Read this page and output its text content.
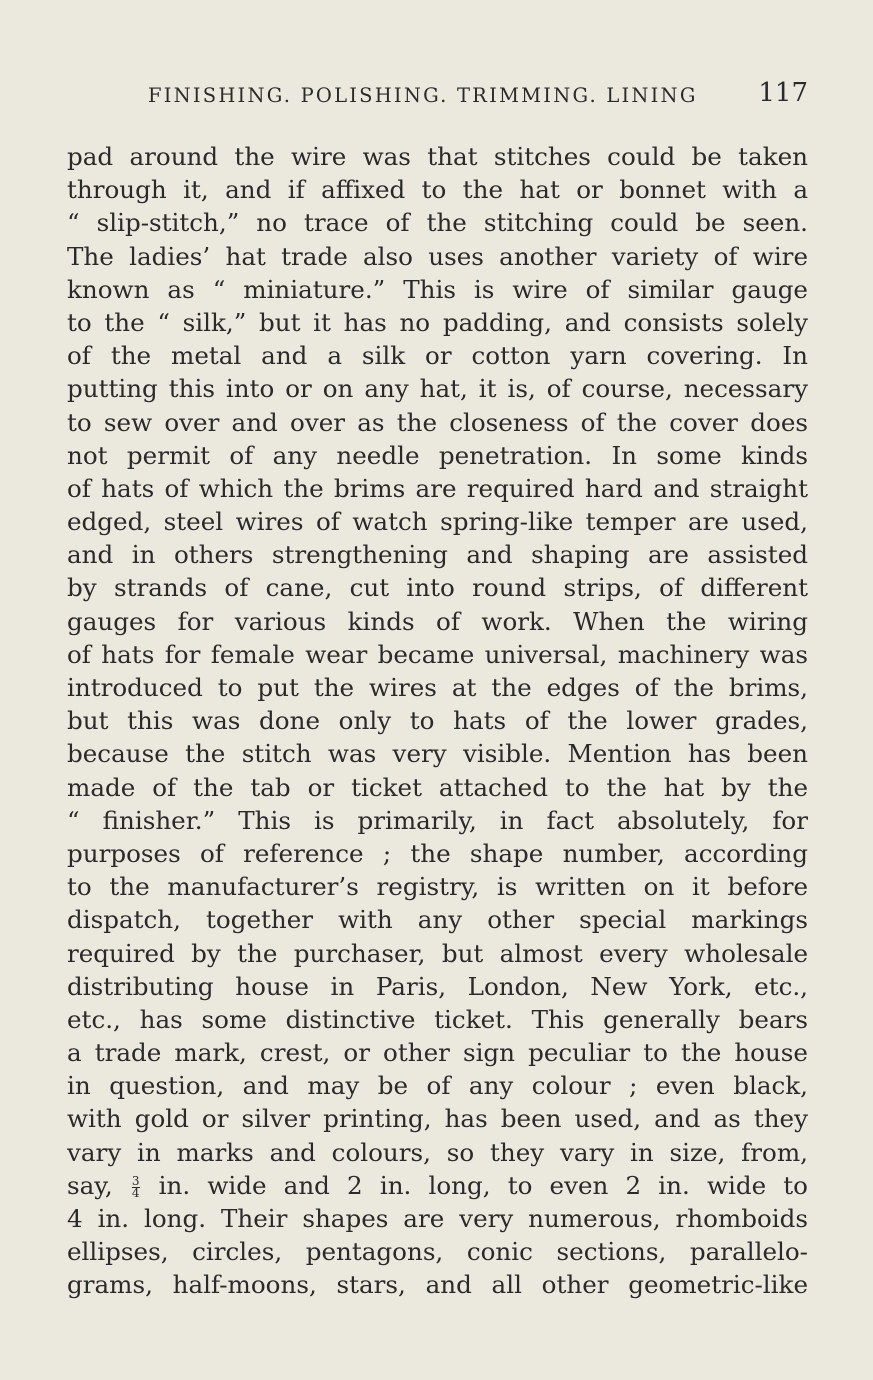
FINISHING. POLISHING. TRIMMING. LINING 117
pad around the wire was that stitches could be taken
through it, and if affixed to the hat or bonnet with a
“ slip-stitch,” no trace of the stitching could be seen.
The ladies’ hat trade also uses another variety of wire
known as “ miniature.” This is wire of similar gauge
to the “ silk,” but it has no padding, and consists solely
of the metal and a silk or cotton yarn covering. In
putting this into or on any hat, it is, of course, necessary
to sew over and over as the closeness of the cover does
not permit of any needle penetration. In some kinds
of hats of which the brims are required hard and straight
edged, steel wires of watch spring-like temper are used,
and in others strengthening and shaping are assisted
by strands of cane, cut into round strips, of different
gauges for various kinds of work. When the wiring
of hats for female wear became universal, machinery was
introduced to put the wires at the edges of the brims,
but this was done only to hats of the lower grades,
because the stitch was very visible. Mention has been
made of the tab or ticket attached to the hat by the
“ finisher.” This is primarily, in fact absolutely, for
purposes of reference ; the shape number, according
to the manufacturer’s registry, is written on it before
dispatch, together with any other special markings
required by the purchaser, but almost every wholesale
distributing house in Paris, London, New York, etc.,
etc., has some distinctive ticket. This generally bears
a trade mark, crest, or other sign peculiar to the house
in question, and may be of any colour ; even black,
with gold or silver printing, has been used, and as they
vary in marks and colours, so they vary in size, from,
say, $\frac{3}{4}$ in. wide and 2 in. long, to even 2 in. wide to
4 in. long. Their shapes are very numerous, rhomboids
ellipses, circles, pentagons, conic sections, parallelo-
grams, half-moons, stars, and all other geometric-like
